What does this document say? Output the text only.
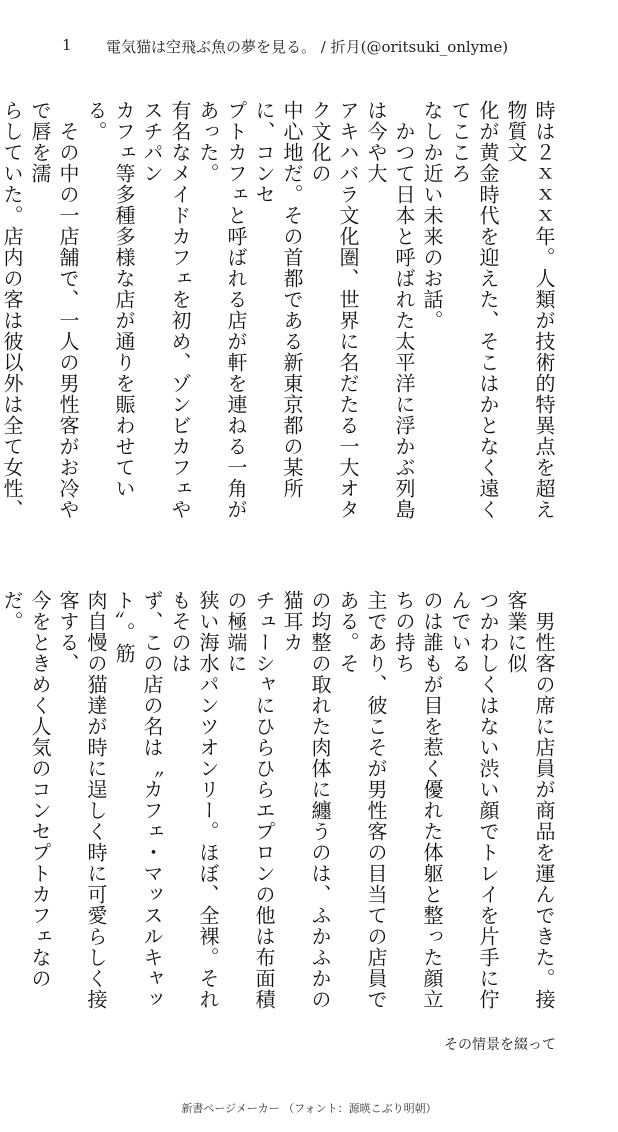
1 電気猫は空飛ぶ魚の夢を見る。 / 折月(@oritsuki_onlyme)

時は２ｘｘｘ年。人類が技術的特異点を超え物質文

化が黄金時代を迎えた、そこはかとなく遠くてこころ

なしか近い未来のお話。

　かつて日本と呼ばれた太平洋に浮かぶ列島は今や大

アキハバラ文化圏、世界に名だたる一大オタク文化の

中心地だ。その首都である新東京都の某所に、コンセ

プトカフェと呼ばれる店が軒を連ねる一角があった。

有名なメイドカフェを初め、ゾンビカフェやスチパン

カフェ等多種多様な店が通りを賑わせている。

　その中の一店舗で、一人の男性客がお冷やで唇を濡

らしていた。店内の客は彼以外は全て女性、

　男性客の席に店員が商品を運んできた。接客業に似

つかわしくはない渋い顔でトレイを片手に佇んでいる

のは誰もが目を惹く優れた体躯と整った顔立ちの持ち

主であり、彼こそが男性客の目当ての店員である。そ

の均整の取れた肉体に纏うのは、ふかふかの猫耳カ

チューシャにひらひらエプロンの他は布面積の極端に

狭い海水パンツオンリー。ほぼ、全裸。それもそのは

ず、この店の名は〝カフェ・マッスルキャット〟。筋

肉自慢の猫達が時に逞しく時に可愛らしく接客する、

今をときめく人気のコンセプトカフェなのだ。

その情景を綴って
新書ページメーカー （フォント：源暎こぶり明朝）
